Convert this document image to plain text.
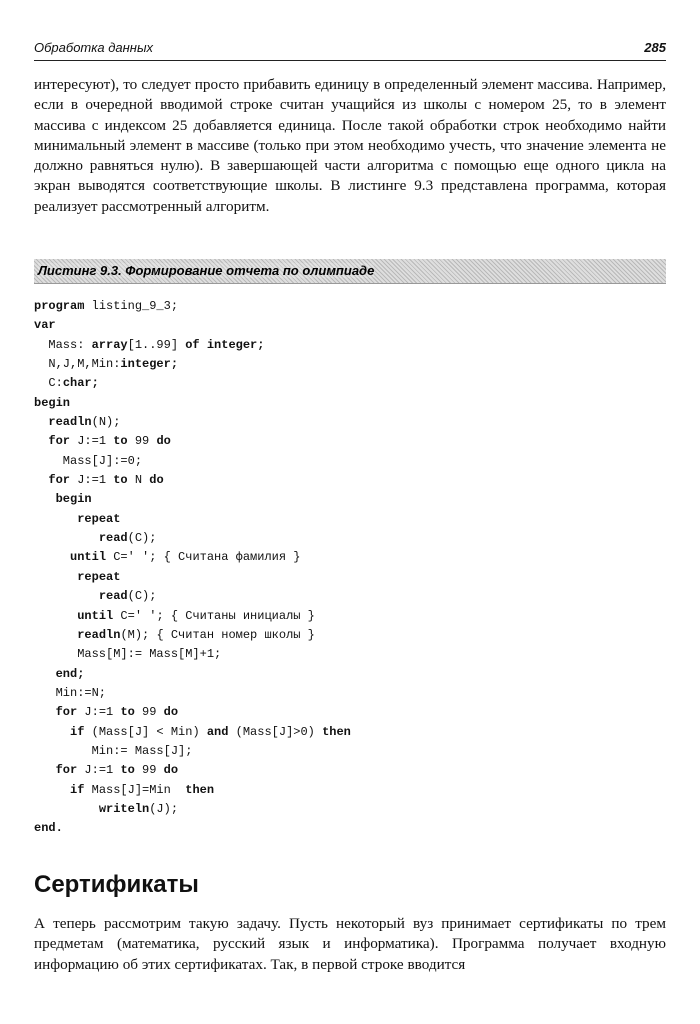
Обработка данных	285

интересуют), то следует просто прибавить единицу в определенный элемент массива. Например, если в очередной вводимой строке считан учащийся из школы с номером 25, то в элемент массива с индексом 25 добавляется единица. После такой обработки строк необходимо найти минимальный элемент в массиве (только при этом необходимо учесть, что значение элемента не должно равняться нулю). В завершающей части алгоритма с помощью еще одного цикла на экран выводятся соответствующие школы. В листинге 9.3 представлена программа, которая реализует рассмотренный алгоритм.

Листинг 9.3. Формирование отчета по олимпиаде
program listing_9_3;
var
Mass: array[1..99] of integer;
N,J,M,Min:integer;
C:char;
begin
readln(N);
for J:=1 to 99 do
Mass[J]:=0;
for J:=1 to N do
begin
repeat
read(C);
until C=' '; { Считана фамилия }
repeat
read(C);
until C=' '; { Считаны инициалы }
readln(M); { Считан номер школы }
Mass[M]:= Mass[M]+1;
end;
Min:=N;
for J:=1 to 99 do
if (Mass[J] < Min) and (Mass[J]>0) then
Min:= Mass[J];
for J:=1 to 99 do
if Mass[J]=Min  then
writeln(J);
end.
Сертификаты

А теперь рассмотрим такую задачу. Пусть некоторый вуз принимает сертификаты по трем предметам (математика, русский язык и информатика). Программа получает входную информацию об этих сертификатах. Так, в первой строке вводится
